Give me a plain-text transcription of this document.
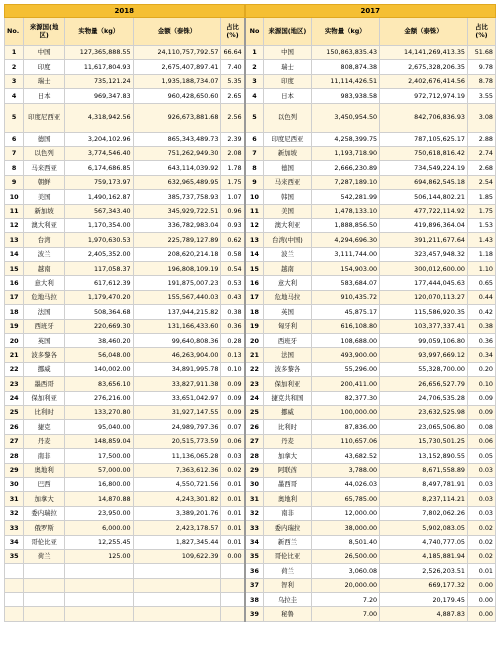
2018					2017				
No.	来源国(地区)	实物量（kg）	金额（泰铢）	占比(%)	No	来源国(地区)	实物量（kg）	金额（泰铢）	占比(%)
1	中国	127,365,888.55	24,110,757,792.57	66.64	1	中国	150,863,835.43	14,141,269,413.35	51.68
2	印度	11,617,804.93	2,675,407,897.41	7.40	2	瑞士	808,874.38	2,675,328,206.35	9.78
3	瑞士	735,121.24	1,935,188,734.07	5.35	3	印度	11,114,426.51	2,402,676,414.56	8.78
4	日本	969,347.83	960,428,650.60	2.65	4	日本	983,938.58	972,712,974.19	3.55
5	印度尼西亚	4,318,942.56	926,673,881.68	2.56	5	以色列	3,450,954.50	842,706,836.93	3.08
6	德国	3,204,102.96	865,343,489.73	2.39	6	印度尼西亚	4,258,399.75	787,105,625.17	2.88
7	以色列	3,774,546.40	751,262,949.30	2.08	7	新加坡	1,193,718.90	750,618,816.42	2.74
8	马来西亚	6,174,686.85	643,114,039.92	1.78	8	德国	2,666,230.89	734,549,224.19	2.68
9	朝鲜	759,173.97	632,965,489.95	1.75	9	马来西亚	7,287,189.10	694,862,545.18	2.54
10	美国	1,490,162.87	385,737,758.93	1.07	10	韩国	542,281.99	506,144,802.21	1.85
11	新加坡	567,343.40	345,929,722.51	0.96	11	美国	1,478,133.10	477,722,114.92	1.75
12	澳大利亚	1,170,354.00	336,782,983.04	0.93	12	澳大利亚	1,888,856.50	419,896,364.04	1.53
13	台湾	1,970,630.53	225,789,127.89	0.62	13	台湾(中国)	4,294,696.30	391,211,677.64	1.43
14	波兰	2,405,352.00	208,620,214.18	0.58	14	波兰	3,111,744.00	323,457,948.32	1.18
15	越南	117,058.37	196,808,109.19	0.54	15	越南	154,903.00	300,012,600.00	1.10
16	意大利	617,612.39	191,875,007.23	0.53	16	意大利	583,684.07	177,444,045.63	0.65
17	危地马拉	1,179,470.20	155,567,440.03	0.43	17	危地马拉	910,435.72	120,070,113.27	0.44
18	法国	508,364.68	137,944,215.82	0.38	18	英国	45,875.17	115,586,920.35	0.42
19	西班牙	220,669.30	131,166,433.60	0.36	19	匈牙利	616,108.80	103,377,337.41	0.38
20	英国	38,460.20	99,640,808.36	0.28	20	西班牙	108,688.00	99,059,106.80	0.36
21	波多黎各	56,048.00	46,263,904.00	0.13	21	法国	493,900.00	93,997,669.12	0.34
22	挪威	140,002.00	34,891,995.78	0.10	22	波多黎各	55,296.00	55,328,700.00	0.20
23	墨西哥	83,656.10	33,827,911.38	0.09	23	保加利亚	200,411.00	26,656,527.79	0.10
24	保加利亚	276,216.00	33,651,042.97	0.09	24	捷克共和国	82,377.30	24,706,535.28	0.09
25	比利时	133,270.80	31,927,147.55	0.09	25	挪威	100,000.00	23,632,525.98	0.09
26	捷克	95,040.00	24,989,797.36	0.07	26	比利时	87,836.00	23,065,506.80	0.08
27	丹麦	148,859.04	20,515,773.59	0.06	27	丹麦	110,657.06	15,730,501.25	0.06
28	南非	17,500.00	11,136,065.28	0.03	28	加拿大	43,682.52	13,152,890.55	0.05
29	奥地利	57,000.00	7,363,612.36	0.02	29	阿联酋	3,788.00	8,671,558.89	0.03
30	巴西	16,800.00	4,550,721.56	0.01	30	墨西哥	44,026.03	8,497,781.91	0.03
31	加拿大	14,870.88	4,243,301.82	0.01	31	奥地利	65,785.00	8,237,114.21	0.03
32	委内瑞拉	23,950.00	3,389,201.76	0.01	32	南非	12,000.00	7,802,062.26	0.03
33	俄罗斯	6,000.00	2,423,178.57	0.01	33	委内瑞拉	38,000.00	5,902,083.05	0.02
34	哥伦比亚	12,255.45	1,827,345.44	0.01	34	新西兰	8,501.40	4,740,777.05	0.02
35	荷兰	125.00	109,622.39	0.00	35	哥伦比亚	26,500.00	4,185,881.94	0.02
					36	荷兰	3,060.08	2,526,203.51	0.01
					37	智利	20,000.00	669,177.32	0.00
					38	乌拉圭	7.20	20,179.45	0.00
					39	秘鲁	7.00	4,887.83	0.00
